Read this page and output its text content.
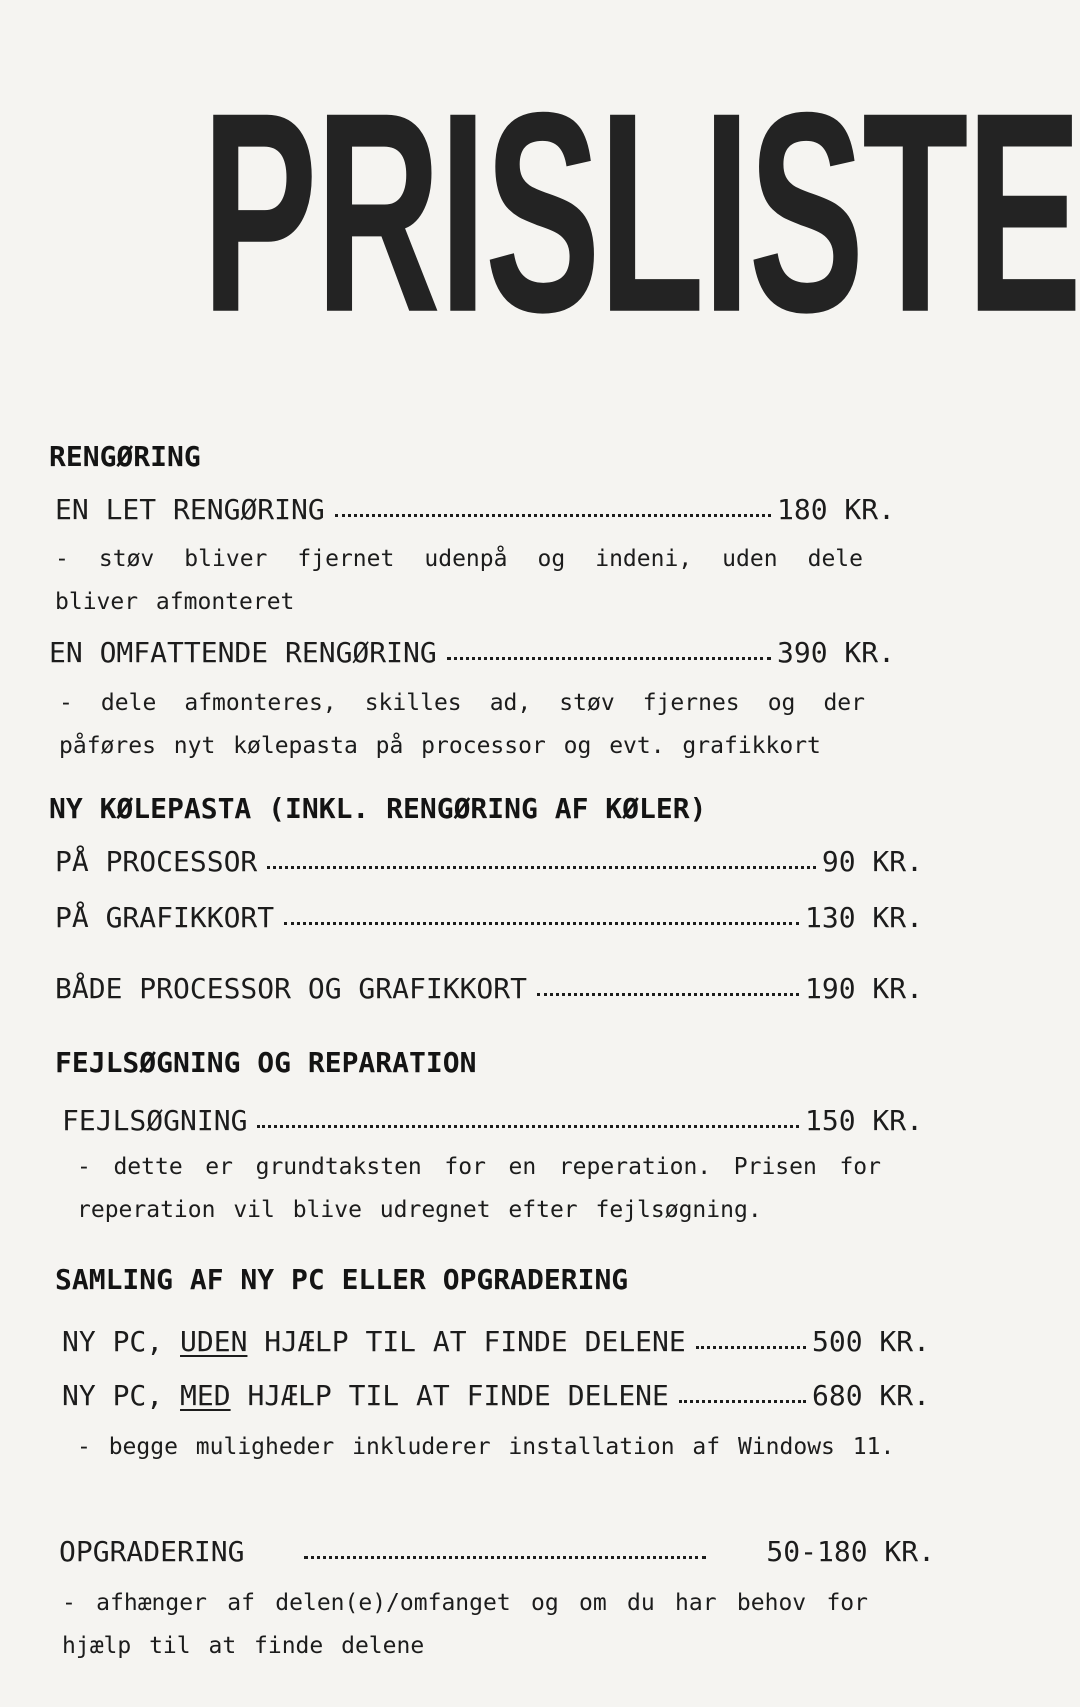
PRISLISTE
RENGØRING
EN LET RENGØRING	180 KR.
- støv bliver fjernet udenpå og indeni, uden dele bliver afmonteret
EN OMFATTENDE RENGØRING	390 KR.
- dele afmonteres, skilles ad, støv fjernes og der påføres nyt kølepasta på processor og evt. grafikkort
NY KØLEPASTA (INKL. RENGØRING AF KØLER)
PÅ PROCESSOR	90 KR.
PÅ GRAFIKKORT	130 KR.
BÅDE PROCESSOR OG GRAFIKKORT	190 KR.
FEJLSØGNING OG REPARATION
FEJLSØGNING	150 KR.
- dette er grundtaksten for en reperation. Prisen for reperation vil blive udregnet efter fejlsøgning.
SAMLING AF NY PC ELLER OPGRADERING
NY PC, UDEN HJÆLP TIL AT FINDE DELENE	500 KR.
NY PC, MED HJÆLP TIL AT FINDE DELENE	680 KR.
- begge muligheder inkluderer installation af Windows 11.
OPGRADERING	50-180 KR.
- afhænger af delen(e)/omfanget og om du har behov for hjælp til at finde delene
